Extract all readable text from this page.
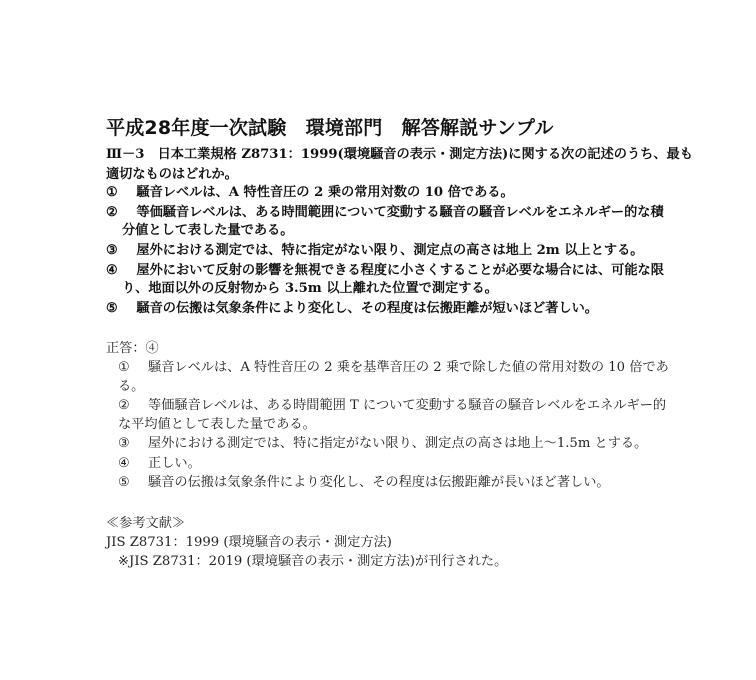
平成28年度一次試験　環境部門　解答解説サンプル
Ⅲ－3　日本工業規格 Z8731：1999(環境騒音の表示・測定方法)に関する次の記述のうち、最も
適切なものはどれか。
① 騒音レベルは、A 特性音圧の 2 乗の常用対数の 10 倍である。
② 等価騒音レベルは、ある時間範囲について変動する騒音の騒音レベルをエネルギー的な積
分値として表した量である。
③ 屋外における測定では、特に指定がない限り、測定点の高さは地上 2m 以上とする。
④ 屋外において反射の影響を無視できる程度に小さくすることが必要な場合には、可能な限
り、地面以外の反射物から 3.5m 以上離れた位置で測定する。
⑤ 騒音の伝搬は気象条件により変化し、その程度は伝搬距離が短いほど著しい。
正答：④
① 騒音レベルは、A 特性音圧の 2 乗を基準音圧の 2 乗で除した値の常用対数の 10 倍であ
る。
② 等価騒音レベルは、ある時間範囲 T について変動する騒音の騒音レベルをエネルギー的
な平均値として表した量である。
③ 屋外における測定では、特に指定がない限り、測定点の高さは地上～1.5m とする。
④ 正しい。
⑤ 騒音の伝搬は気象条件により変化し、その程度は伝搬距離が長いほど著しい。
≪参考文献≫
JIS Z8731：1999 (環境騒音の表示・測定方法)
※JIS Z8731：2019 (環境騒音の表示・測定方法)が刊行された。
